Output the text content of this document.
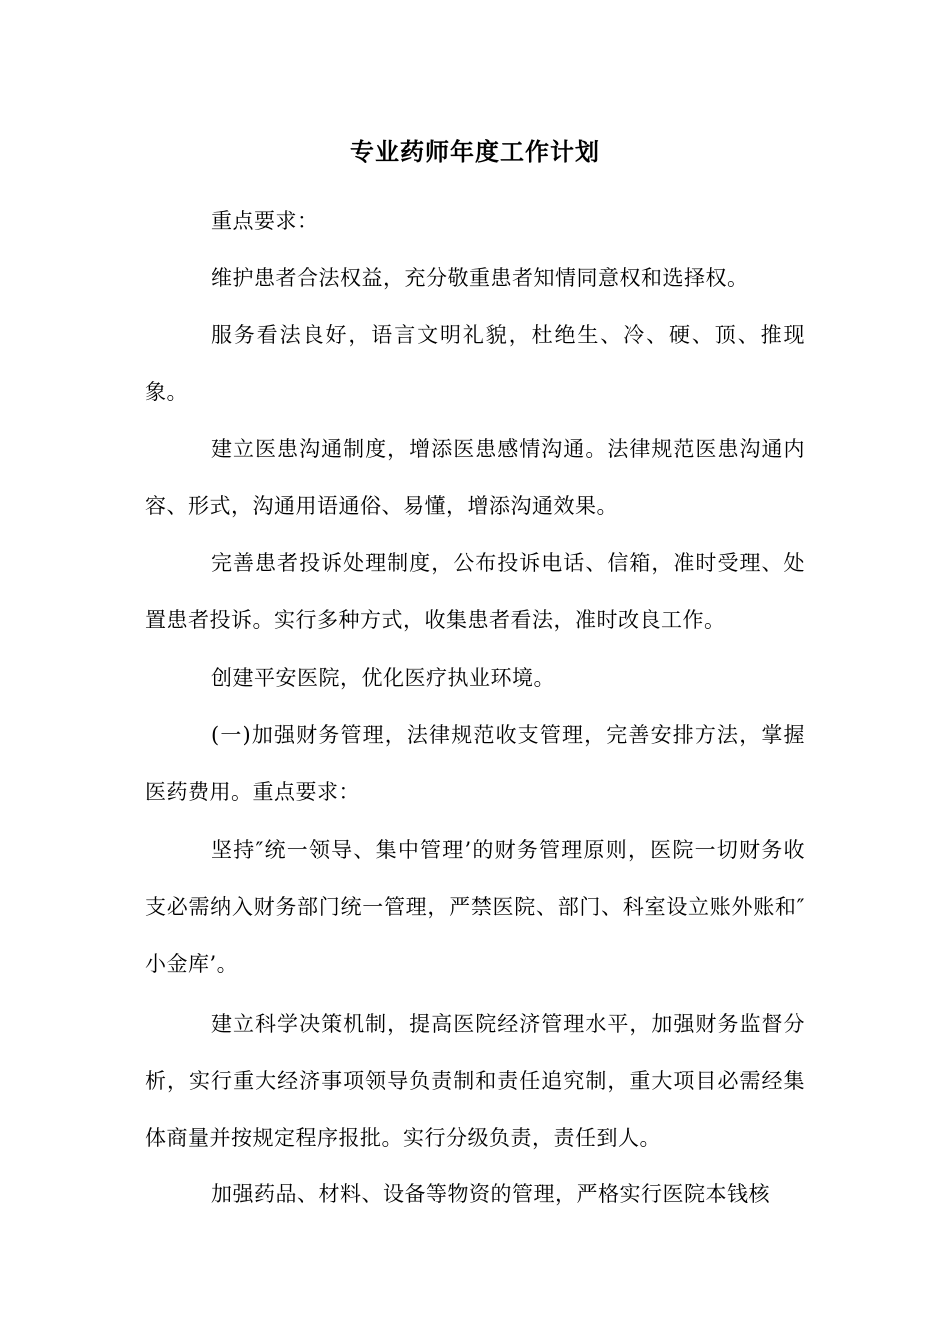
专业药师年度工作计划

重点要求：

维护患者合法权益，充分敬重患者知情同意权和选择权。

服务看法良好，语言文明礼貌，杜绝生、冷、硬、顶、推现象。

建立医患沟通制度，增添医患感情沟通。法律规范医患沟通内容、形式，沟通用语通俗、易懂，增添沟通效果。

完善患者投诉处理制度，公布投诉电话、信箱，准时受理、处置患者投诉。实行多种方式，收集患者看法，准时改良工作。

创建平安医院，优化医疗执业环境。

(一)加强财务管理，法律规范收支管理，完善安排方法，掌握医药费用。重点要求：

坚持″统一领导、集中管理’的财务管理原则，医院一切财务收支必需纳入财务部门统一管理，严禁医院、部门、科室设立账外账和″小金库’。

建立科学决策机制，提高医院经济管理水平，加强财务监督分析，实行重大经济事项领导负责制和责任追究制，重大项目必需经集体商量并按规定程序报批。实行分级负责，责任到人。

加强药品、材料、设备等物资的管理，严格实行医院本钱核
